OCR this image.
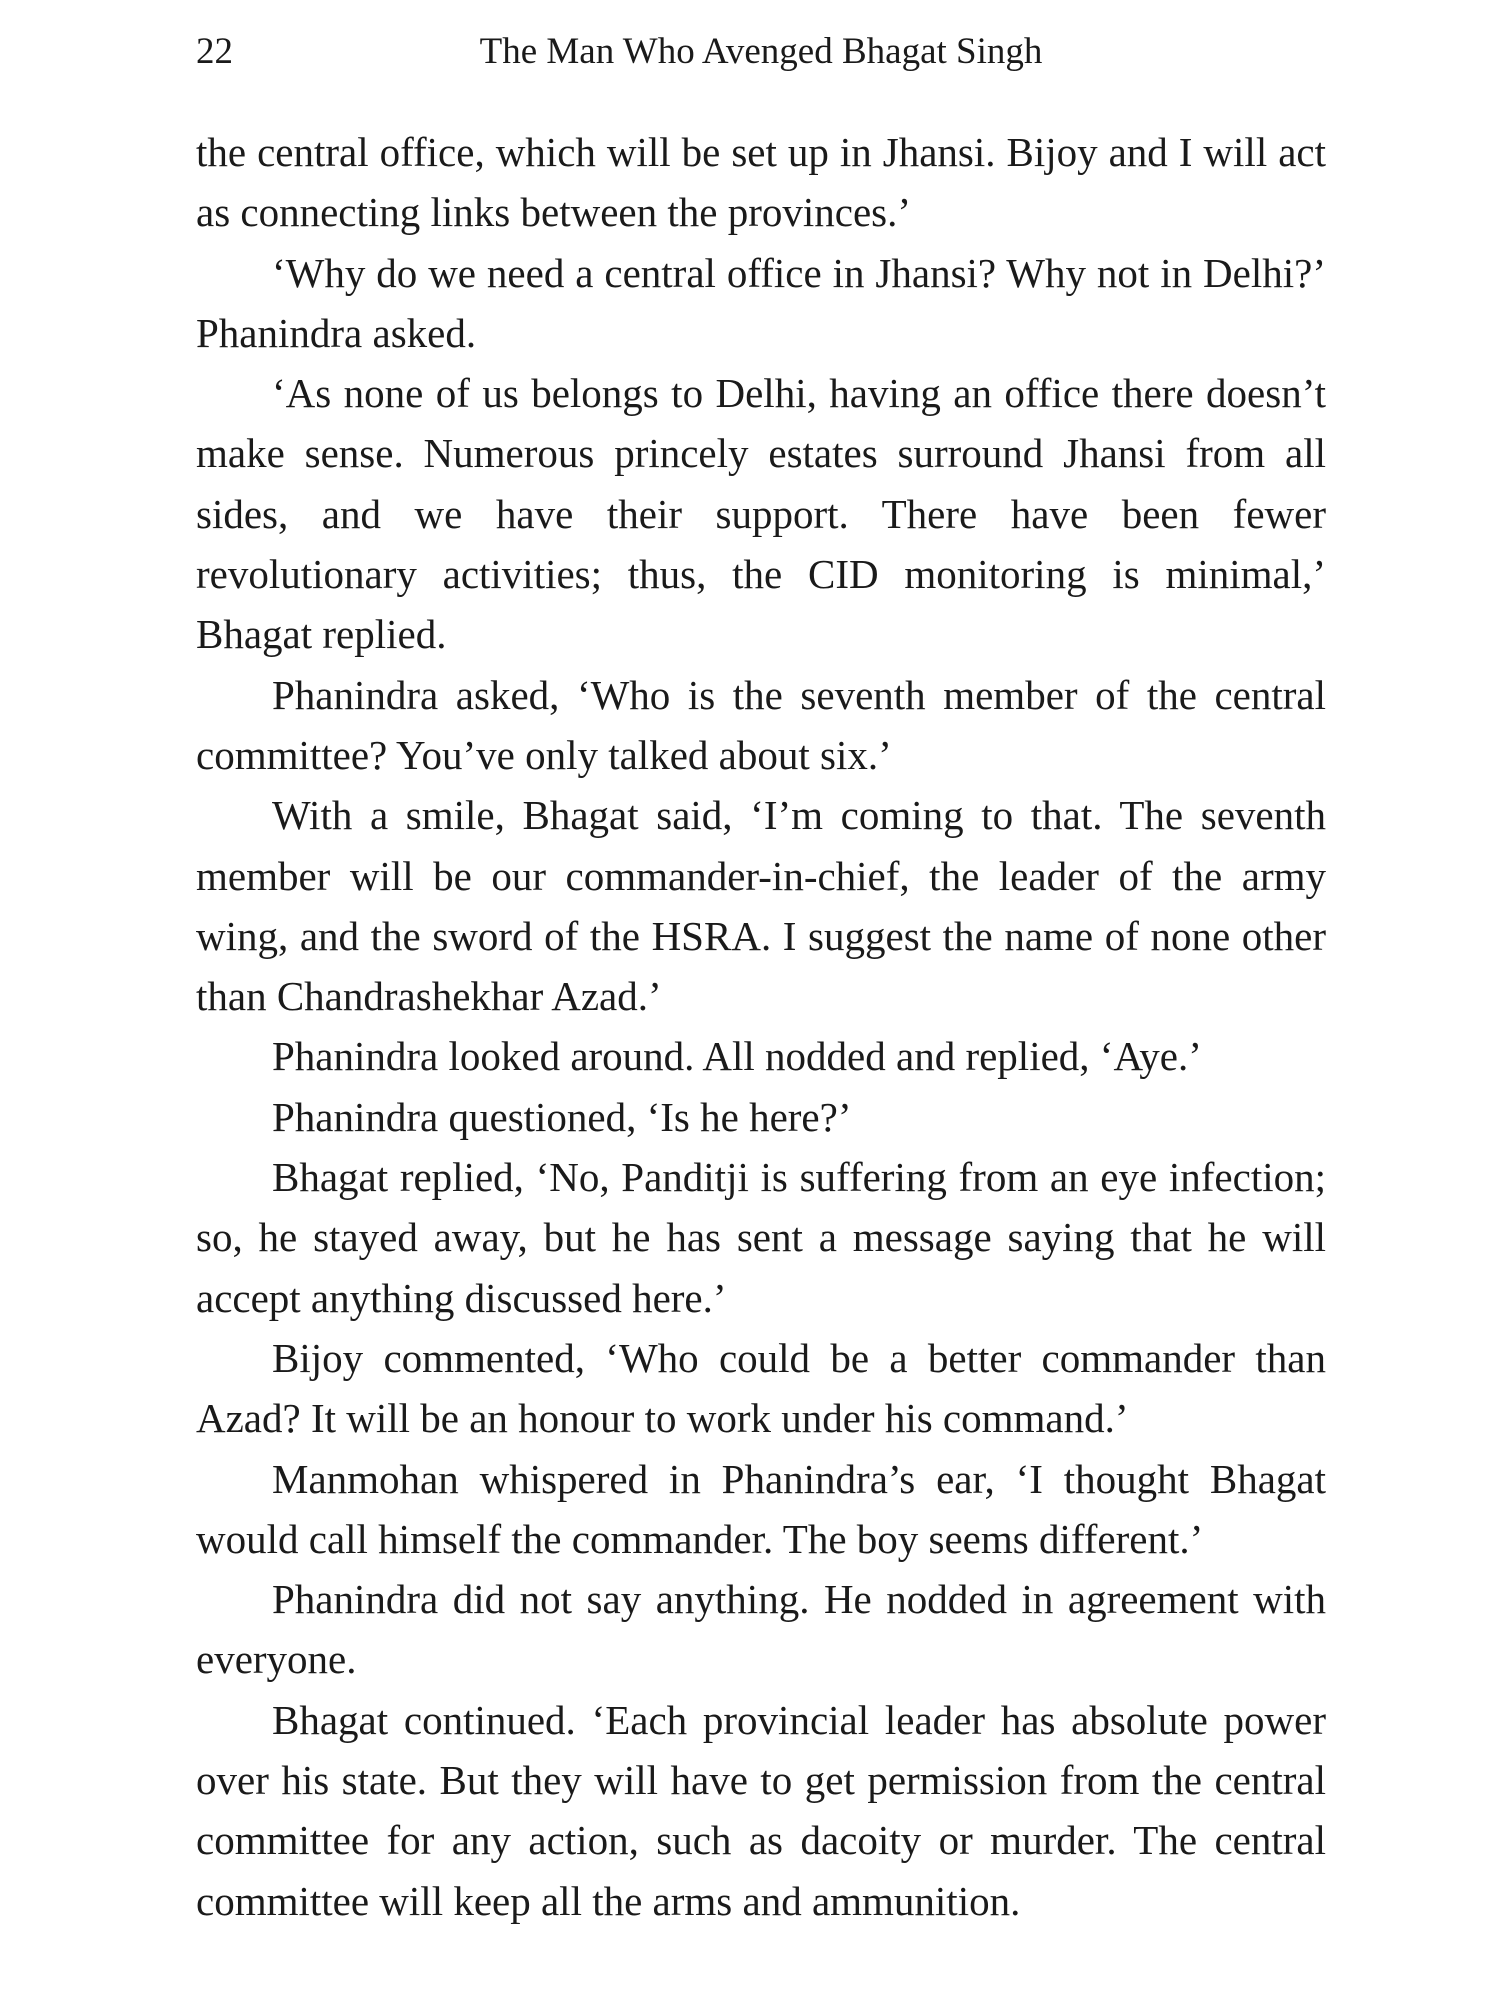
22	The Man Who Avenged Bhagat Singh

the central office, which will be set up in Jhansi. Bijoy and I will act as connecting links between the provinces.’

‘Why do we need a central office in Jhansi? Why not in Delhi?’ Phanindra asked.

‘As none of us belongs to Delhi, having an office there doesn’t make sense. Numerous princely estates surround Jhansi from all sides, and we have their support. There have been fewer revolutionary activities; thus, the CID monitoring is minimal,’ Bhagat replied.

Phanindra asked, ‘Who is the seventh member of the central committee? You’ve only talked about six.’

With a smile, Bhagat said, ‘I’m coming to that. The seventh member will be our commander-in-chief, the leader of the army wing, and the sword of the HSRA. I suggest the name of none other than Chandrashekhar Azad.’

Phanindra looked around. All nodded and replied, ‘Aye.’

Phanindra questioned, ‘Is he here?’

Bhagat replied, ‘No, Panditji is suffering from an eye infection; so, he stayed away, but he has sent a message saying that he will accept anything discussed here.’

Bijoy commented, ‘Who could be a better commander than Azad? It will be an honour to work under his command.’

Manmohan whispered in Phanindra’s ear, ‘I thought Bhagat would call himself the commander. The boy seems different.’

Phanindra did not say anything. He nodded in agreement with everyone.

Bhagat continued. ‘Each provincial leader has absolute power over his state. But they will have to get permission from the central committee for any action, such as dacoity or murder. The central committee will keep all the arms and ammunition.
